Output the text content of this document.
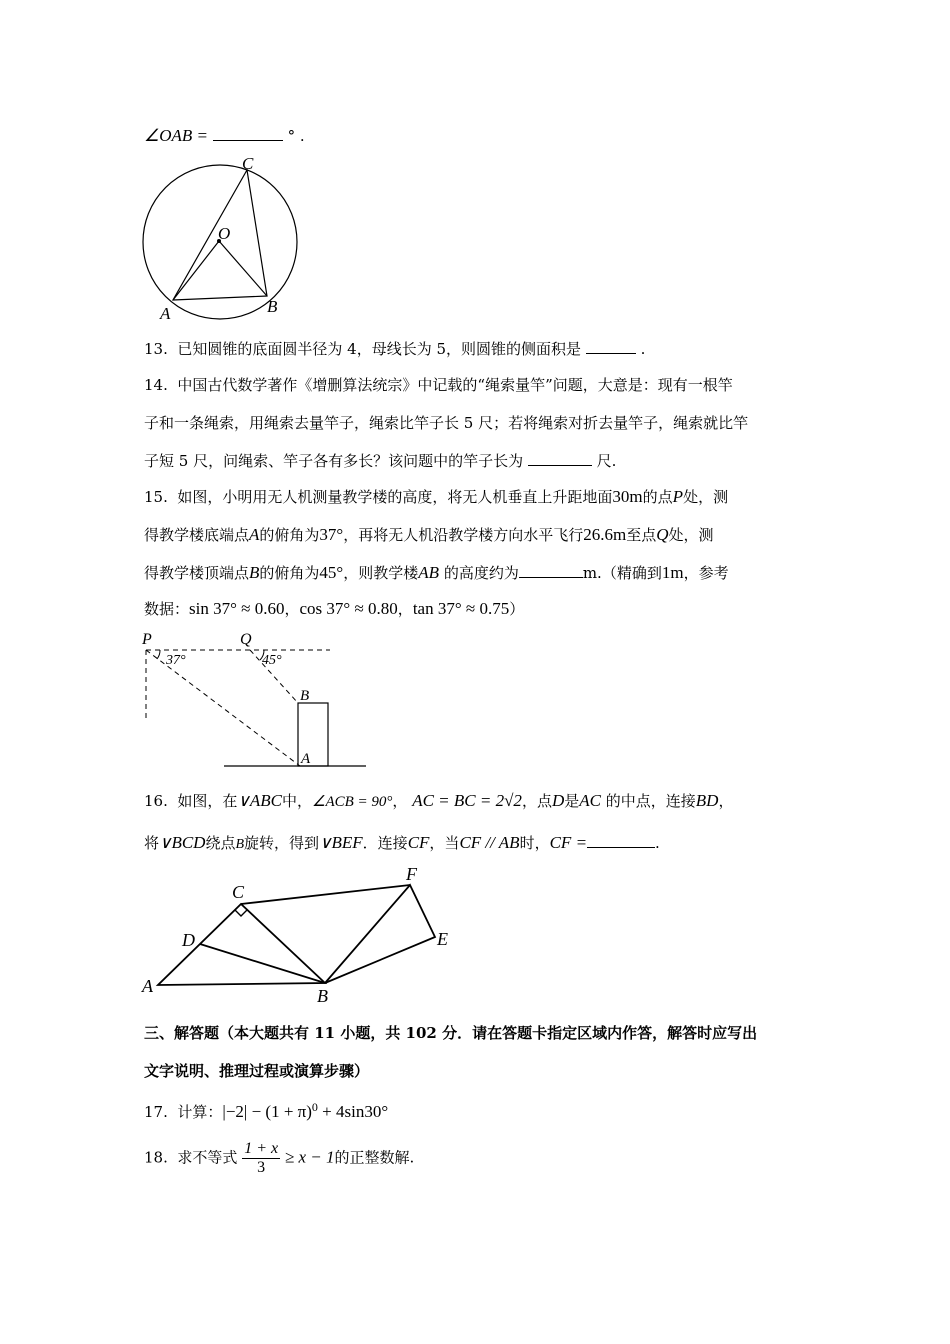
∠OAB =	° .
C
O
A	B
13. 已知圆锥的底面圆半径为 4，母线长为 5，则圆锥的侧面积是	.
14. 中国古代数学著作《增删算法统宗》中记载的“绳索量竿”问题，大意是：现有一根竿
子和一条绳索，用绳索去量竿子，绳索比竿子长 5 尺；若将绳索对折去量竿子，绳索就比竿
子短 5 尺，问绳索、竿子各有多长？该问题中的竿子长为	尺.
15. 如图，小明用无人机测量教学楼的高度，将无人机垂直上升距地面30m的点P处，测
得教学楼底端点A的俯角为37°，再将无人机沿教学楼方向水平飞行26.6m至点Q处，测
得教学楼顶端点B的俯角为45°，则教学楼AB 的高度约为	m.（精确到1m，参考
数据：sin 37° ≈ 0.60，cos 37° ≈ 0.80，tan 37° ≈ 0.75）
P	Q
37°	45°
B
A
16. 如图，在∨ABC中，∠ACB = 90°， AC = BC = 2√2，点D是AC 的中点，连接BD，
将∨BCD绕点B旋转，得到∨BEF．连接CF，当CF // AB时，CF =	.
C
F
D	E
A	B
三、解答题（本大题共有 11 小题，共 102 分．请在答题卡指定区域内作答，解答时应写出
文字说明、推理过程或演算步骤）
17. 计算：$|-2| - (1 + \pi)^0 + 4\sin 30^\circ$
18. 求不等式 $\frac{1 + x}{3} \ge x - 1$的正整数解.
